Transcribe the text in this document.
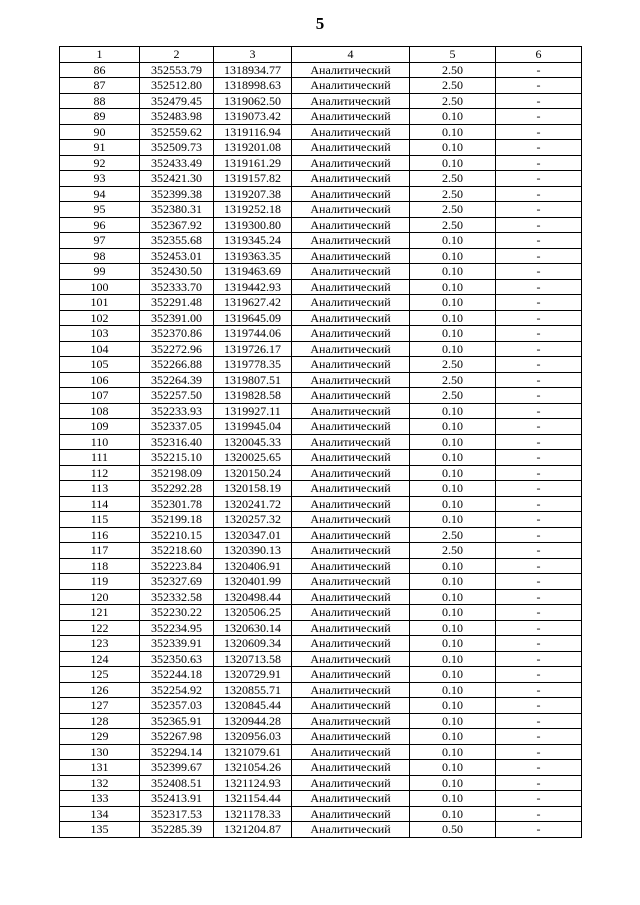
5
1	2	3	4	5	6
86	352553.79	1318934.77	Аналитический	2.50	-
87	352512.80	1318998.63	Аналитический	2.50	-
88	352479.45	1319062.50	Аналитический	2.50	-
89	352483.98	1319073.42	Аналитический	0.10	-
90	352559.62	1319116.94	Аналитический	0.10	-
91	352509.73	1319201.08	Аналитический	0.10	-
92	352433.49	1319161.29	Аналитический	0.10	-
93	352421.30	1319157.82	Аналитический	2.50	-
94	352399.38	1319207.38	Аналитический	2.50	-
95	352380.31	1319252.18	Аналитический	2.50	-
96	352367.92	1319300.80	Аналитический	2.50	-
97	352355.68	1319345.24	Аналитический	0.10	-
98	352453.01	1319363.35	Аналитический	0.10	-
99	352430.50	1319463.69	Аналитический	0.10	-
100	352333.70	1319442.93	Аналитический	0.10	-
101	352291.48	1319627.42	Аналитический	0.10	-
102	352391.00	1319645.09	Аналитический	0.10	-
103	352370.86	1319744.06	Аналитический	0.10	-
104	352272.96	1319726.17	Аналитический	0.10	-
105	352266.88	1319778.35	Аналитический	2.50	-
106	352264.39	1319807.51	Аналитический	2.50	-
107	352257.50	1319828.58	Аналитический	2.50	-
108	352233.93	1319927.11	Аналитический	0.10	-
109	352337.05	1319945.04	Аналитический	0.10	-
110	352316.40	1320045.33	Аналитический	0.10	-
111	352215.10	1320025.65	Аналитический	0.10	-
112	352198.09	1320150.24	Аналитический	0.10	-
113	352292.28	1320158.19	Аналитический	0.10	-
114	352301.78	1320241.72	Аналитический	0.10	-
115	352199.18	1320257.32	Аналитический	0.10	-
116	352210.15	1320347.01	Аналитический	2.50	-
117	352218.60	1320390.13	Аналитический	2.50	-
118	352223.84	1320406.91	Аналитический	0.10	-
119	352327.69	1320401.99	Аналитический	0.10	-
120	352332.58	1320498.44	Аналитический	0.10	-
121	352230.22	1320506.25	Аналитический	0.10	-
122	352234.95	1320630.14	Аналитический	0.10	-
123	352339.91	1320609.34	Аналитический	0.10	-
124	352350.63	1320713.58	Аналитический	0.10	-
125	352244.18	1320729.91	Аналитический	0.10	-
126	352254.92	1320855.71	Аналитический	0.10	-
127	352357.03	1320845.44	Аналитический	0.10	-
128	352365.91	1320944.28	Аналитический	0.10	-
129	352267.98	1320956.03	Аналитический	0.10	-
130	352294.14	1321079.61	Аналитический	0.10	-
131	352399.67	1321054.26	Аналитический	0.10	-
132	352408.51	1321124.93	Аналитический	0.10	-
133	352413.91	1321154.44	Аналитический	0.10	-
134	352317.53	1321178.33	Аналитический	0.10	-
135	352285.39	1321204.87	Аналитический	0.50	-
